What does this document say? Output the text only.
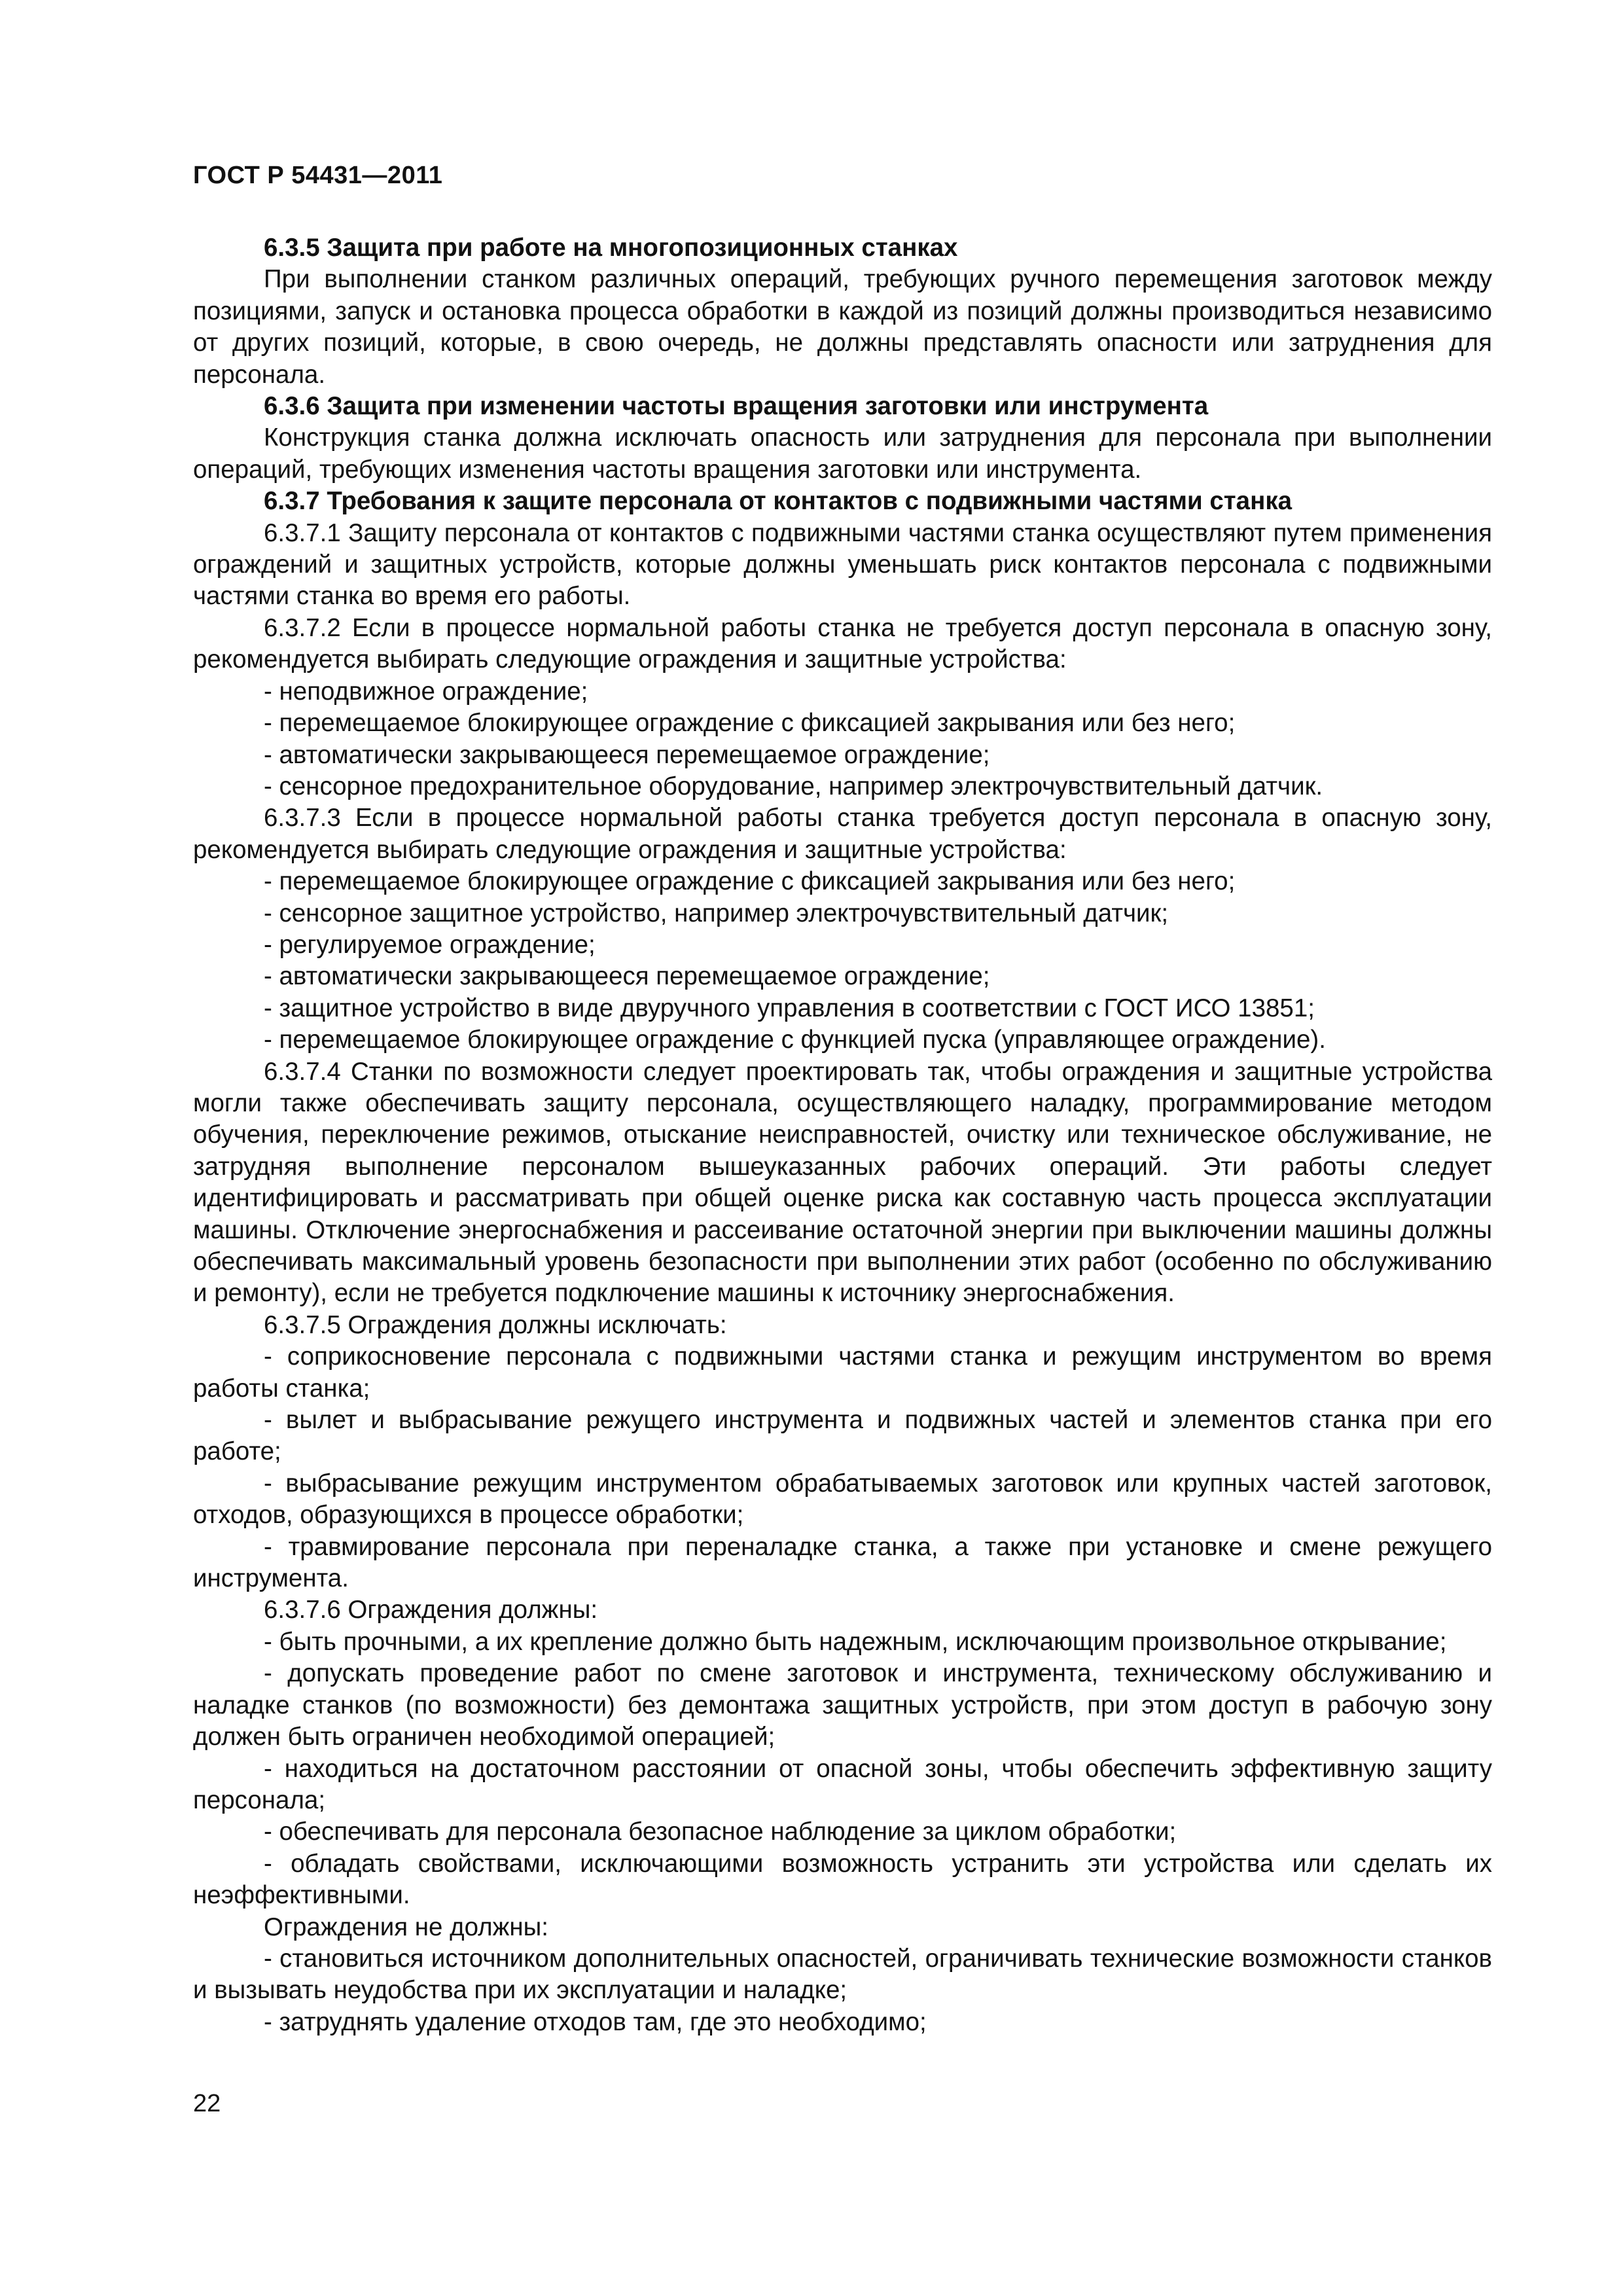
ГОСТ Р 54431—2011

6.3.5 Защита при работе на многопозиционных станках

При выполнении станком различных операций, требующих ручного перемещения заготовок между позициями, запуск и остановка процесса обработки в каждой из позиций должны производиться независимо от других позиций, которые, в свою очередь, не должны представлять опасности или затруднения для персонала.

6.3.6 Защита при изменении частоты вращения заготовки или инструмента

Конструкция станка должна исключать опасность или затруднения для персонала при выполнении операций, требующих изменения частоты вращения заготовки или инструмента.

6.3.7 Требования к защите персонала от контактов с подвижными частями станка

6.3.7.1 Защиту персонала от контактов с подвижными частями станка осуществляют путем применения ограждений и защитных устройств, которые должны уменьшать риск контактов персонала с подвижными частями станка во время его работы.

6.3.7.2 Если в процессе нормальной работы станка не требуется доступ персонала в опасную зону, рекомендуется выбирать следующие ограждения и защитные устройства:

- неподвижное ограждение;

- перемещаемое блокирующее ограждение с фиксацией закрывания или без него;

- автоматически закрывающееся перемещаемое ограждение;

- сенсорное предохранительное оборудование, например электрочувствительный датчик.

6.3.7.3 Если в процессе нормальной работы станка требуется доступ персонала в опасную зону, рекомендуется выбирать следующие ограждения и защитные устройства:

- перемещаемое блокирующее ограждение с фиксацией закрывания или без него;

- сенсорное защитное устройство, например электрочувствительный датчик;

- регулируемое ограждение;

- автоматически закрывающееся перемещаемое ограждение;

- защитное устройство в виде двуручного управления в соответствии с ГОСТ ИСО 13851;

- перемещаемое блокирующее ограждение с функцией пуска (управляющее ограждение).

6.3.7.4 Станки по возможности следует проектировать так, чтобы ограждения и защитные устройства могли также обеспечивать защиту персонала, осуществляющего наладку, программирование методом обучения, переключение режимов, отыскание неисправностей, очистку или техническое обслуживание, не затрудняя выполнение персоналом вышеуказанных рабочих операций. Эти работы следует идентифицировать и рассматривать при общей оценке риска как составную часть процесса эксплуатации машины. Отключение энергоснабжения и рассеивание остаточной энергии при выключении машины должны обеспечивать максимальный уровень безопасности при выполнении этих работ (особенно по обслуживанию и ремонту), если не требуется подключение машины к источнику энергоснабжения.

6.3.7.5 Ограждения должны исключать:

- соприкосновение персонала с подвижными частями станка и режущим инструментом во время работы станка;

- вылет и выбрасывание режущего инструмента и подвижных частей и элементов станка при его работе;

- выбрасывание режущим инструментом обрабатываемых заготовок или крупных частей заготовок, отходов, образующихся в процессе обработки;

- травмирование персонала при переналадке станка, а также при установке и смене режущего инструмента.

6.3.7.6 Ограждения должны:

- быть прочными, а их крепление должно быть надежным, исключающим произвольное открывание;

- допускать проведение работ по смене заготовок и инструмента, техническому обслуживанию и наладке станков (по возможности) без демонтажа защитных устройств, при этом доступ в рабочую зону должен быть ограничен необходимой операцией;

- находиться на достаточном расстоянии от опасной зоны, чтобы обеспечить эффективную защиту персонала;

- обеспечивать для персонала безопасное наблюдение за циклом обработки;

- обладать свойствами, исключающими возможность устранить эти устройства или сделать их неэффективными.

Ограждения не должны:

- становиться источником дополнительных опасностей, ограничивать технические возможности станков и вызывать неудобства при их эксплуатации и наладке;

- затруднять удаление отходов там, где это необходимо;

22
